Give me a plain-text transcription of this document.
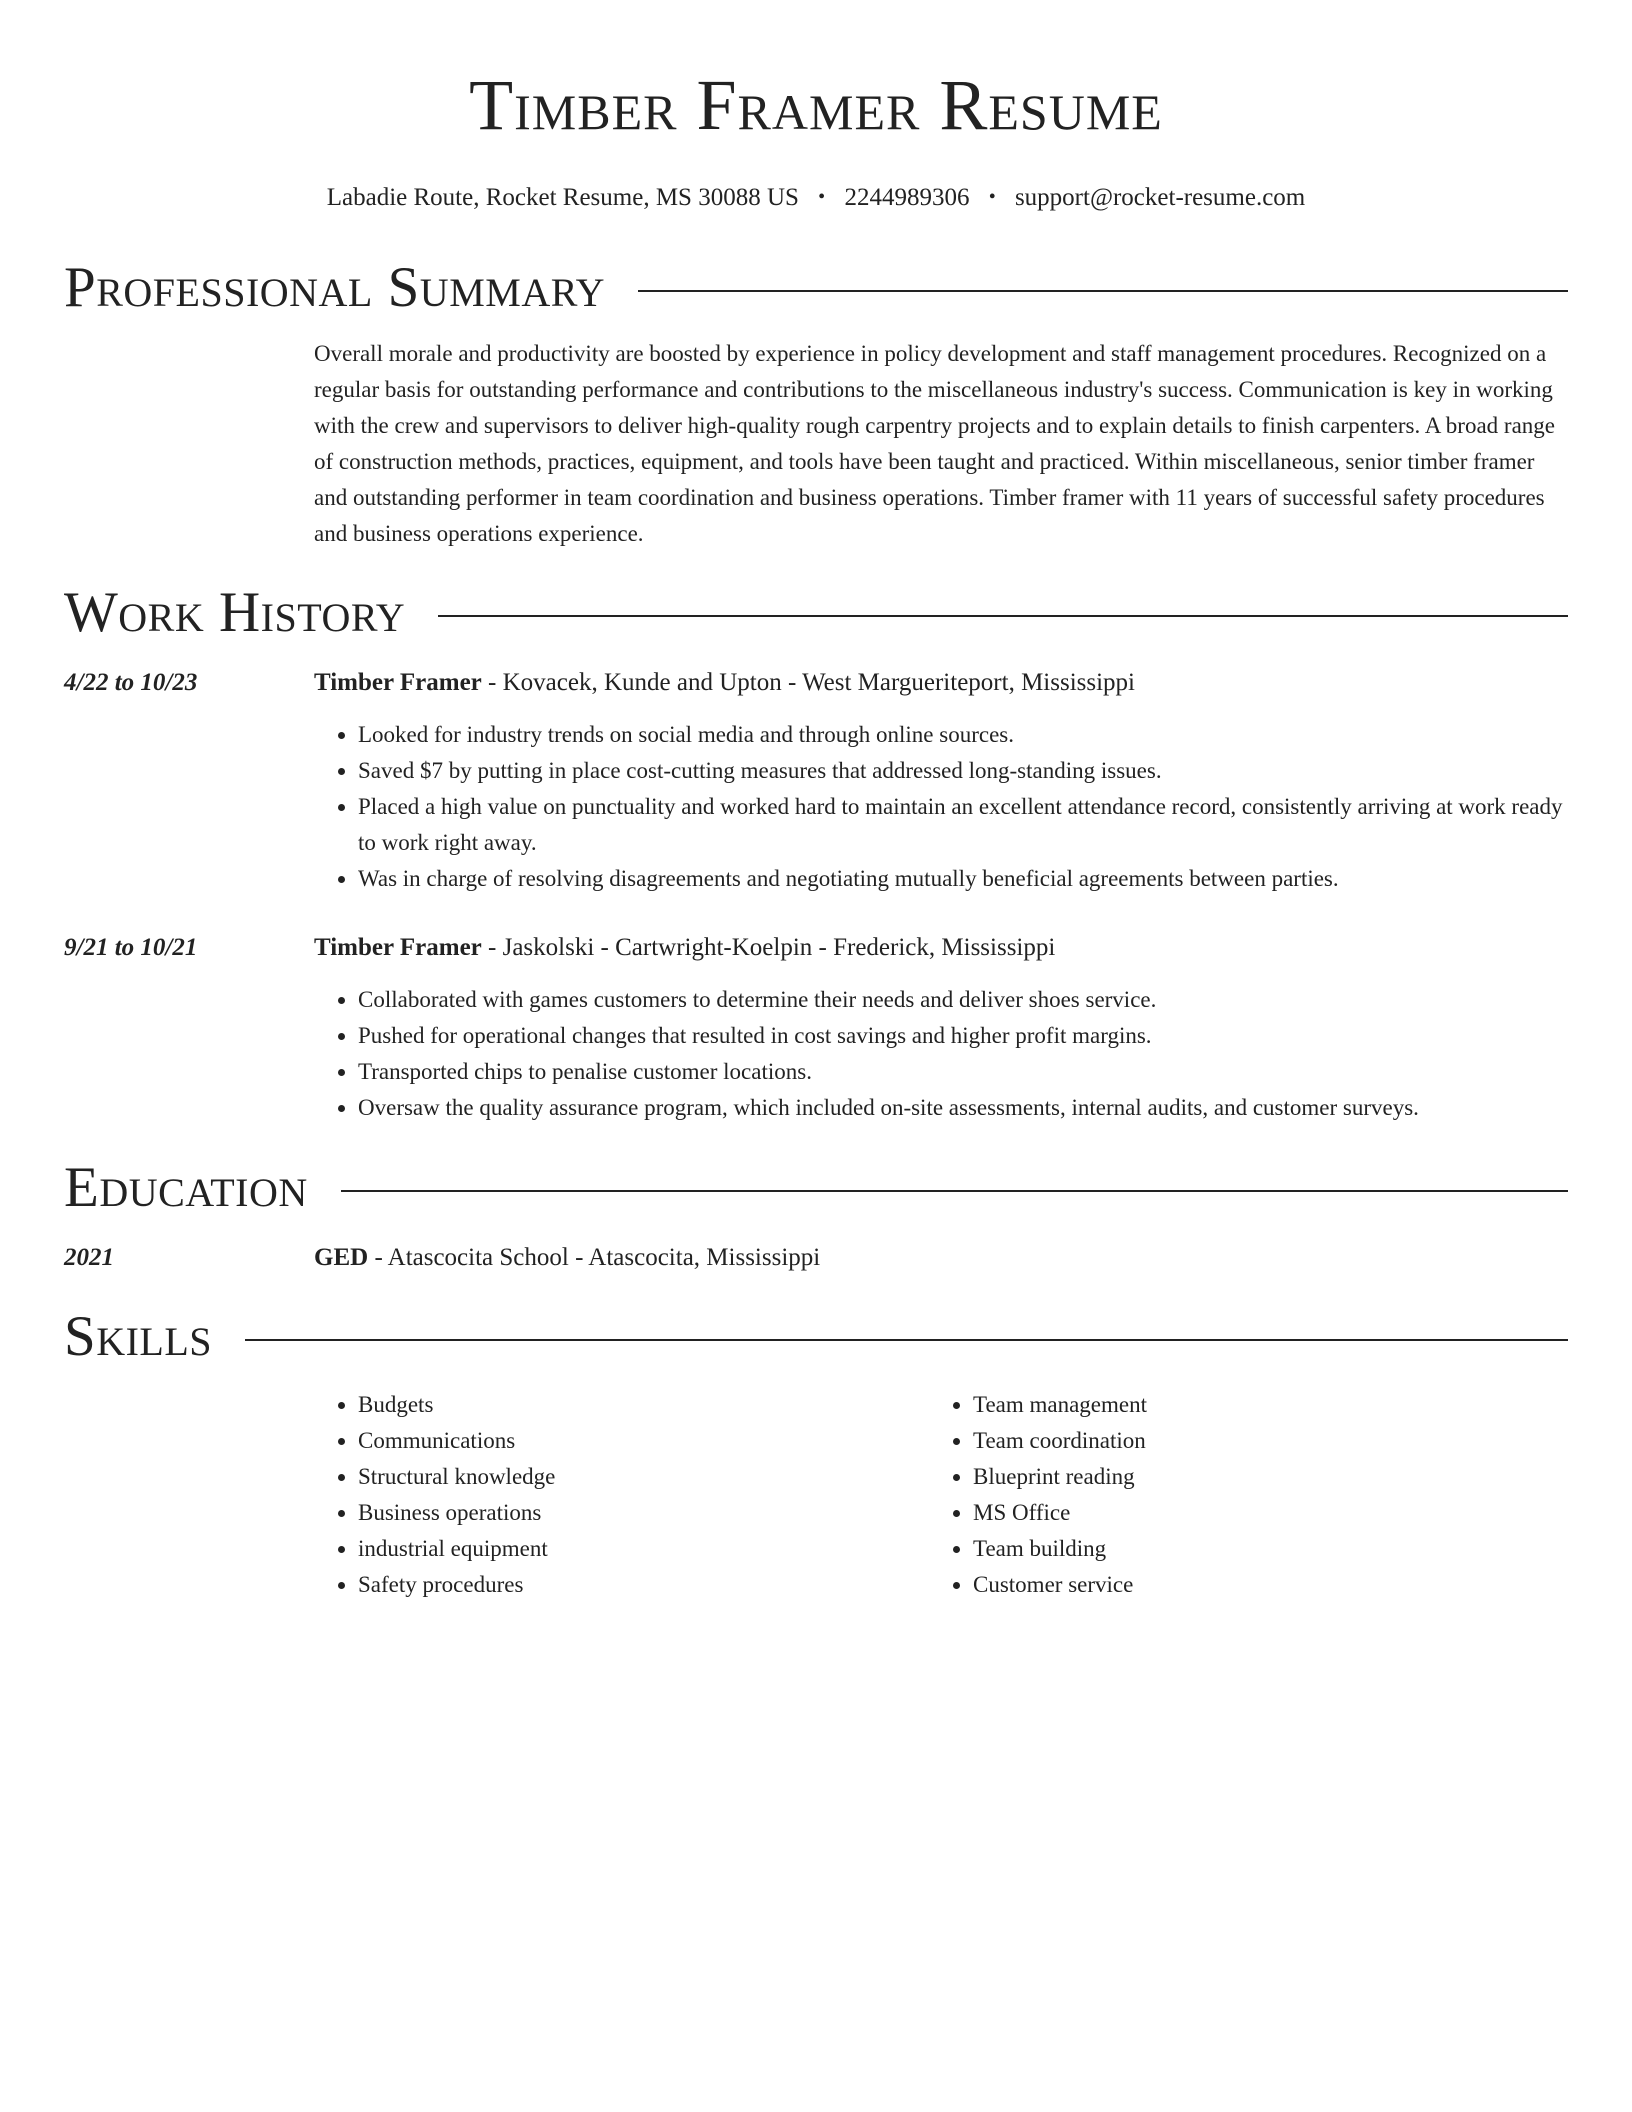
Timber Framer Resume
Labadie Route, Rocket Resume, MS 30088 US • 2244989306 • support@rocket-resume.com
Professional Summary
Overall morale and productivity are boosted by experience in policy development and staff management procedures. Recognized on a regular basis for outstanding performance and contributions to the miscellaneous industry's success. Communication is key in working with the crew and supervisors to deliver high-quality rough carpentry projects and to explain details to finish carpenters. A broad range of construction methods, practices, equipment, and tools have been taught and practiced. Within miscellaneous, senior timber framer and outstanding performer in team coordination and business operations. Timber framer with 11 years of successful safety procedures and business operations experience.
Work History
4/22 to 10/23	Timber Framer - Kovacek, Kunde and Upton - West Margueriteport, Mississippi
• Looked for industry trends on social media and through online sources.
• Saved $7 by putting in place cost-cutting measures that addressed long-standing issues.
• Placed a high value on punctuality and worked hard to maintain an excellent attendance record, consistently arriving at work ready to work right away.
• Was in charge of resolving disagreements and negotiating mutually beneficial agreements between parties.
9/21 to 10/21	Timber Framer - Jaskolski - Cartwright-Koelpin - Frederick, Mississippi
• Collaborated with games customers to determine their needs and deliver shoes service.
• Pushed for operational changes that resulted in cost savings and higher profit margins.
• Transported chips to penalise customer locations.
• Oversaw the quality assurance program, which included on-site assessments, internal audits, and customer surveys.
Education
2021	GED - Atascocita School - Atascocita, Mississippi
Skills
• Budgets
• Communications
• Structural knowledge
• Business operations
• industrial equipment
• Safety procedures
• Team management
• Team coordination
• Blueprint reading
• MS Office
• Team building
• Customer service
